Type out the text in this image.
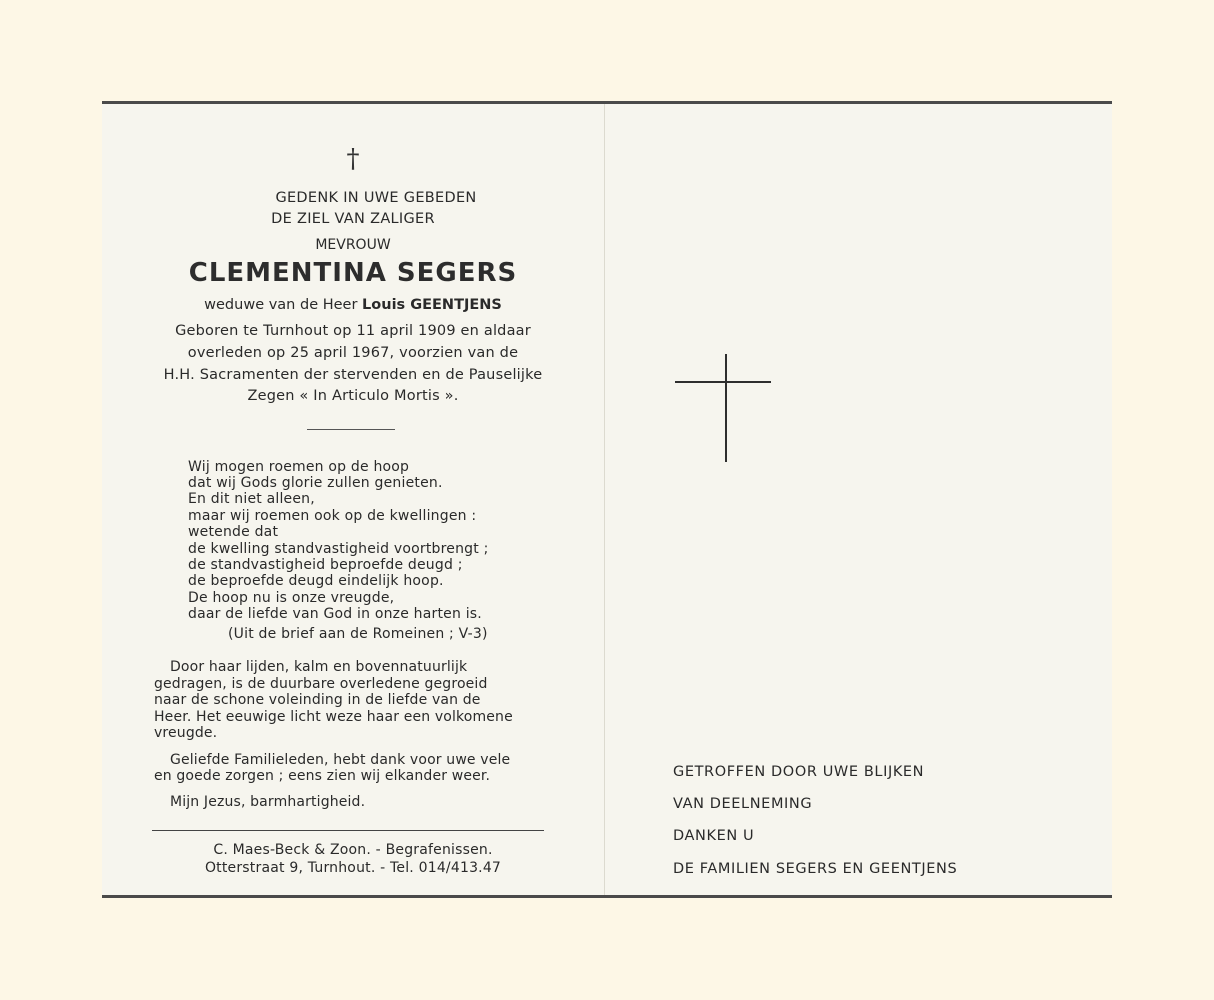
†
GEDENK IN UWE GEBEDEN
DE ZIEL VAN ZALIGER
MEVROUW
CLEMENTINA SEGERS
weduwe van de Heer Louis GEENTJENS
Geboren te Turnhout op 11 april 1909 en aldaar
overleden op 25 april 1967, voorzien van de
H.H. Sacramenten der stervenden en de Pauselijke
Zegen « In Articulo Mortis ».
Wij mogen roemen op de hoop
dat wij Gods glorie zullen genieten.
En dit niet alleen,
maar wij roemen ook op de kwellingen :
wetende dat
de kwelling standvastigheid voortbrengt ;
de standvastigheid beproefde deugd ;
de beproefde deugd eindelijk hoop.
De hoop nu is onze vreugde,
daar de liefde van God in onze harten is.
(Uit de brief aan de Romeinen ; V-3)
Door haar lijden, kalm en bovennatuurlijk
gedragen, is de duurbare overledene gegroeid
naar de schone voleinding in de liefde van de
Heer. Het eeuwige licht weze haar een volkomene
vreugde.
Geliefde Familieleden, hebt dank voor uwe vele
en goede zorgen ; eens zien wij elkander weer.
Mijn Jezus, barmhartigheid.
C. Maes-Beck & Zoon. - Begrafenissen.
Otterstraat 9, Turnhout. - Tel. 014/413.47
GETROFFEN DOOR UWE BLIJKEN
VAN DEELNEMING
DANKEN U
DE FAMILIEN SEGERS EN GEENTJENS
